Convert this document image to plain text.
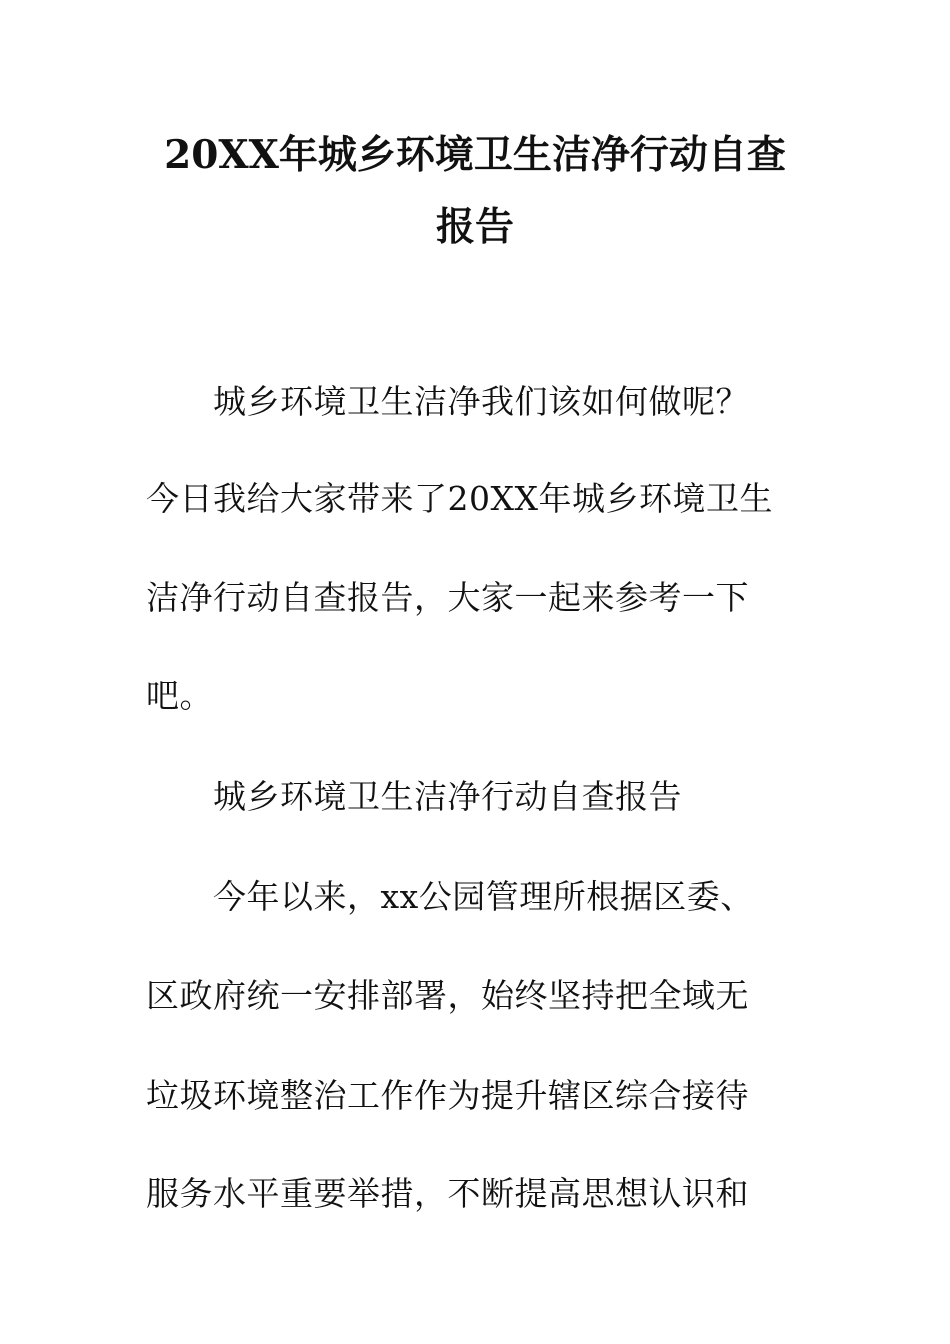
20XX年城乡环境卫生洁净行动自查
报告
城乡环境卫生洁净我们该如何做呢？
今日我给大家带来了20XX年城乡环境卫生
洁净行动自查报告，大家一起来参考一下
吧。
城乡环境卫生洁净行动自查报告
今年以来，xx公园管理所根据区委、
区政府统一安排部署，始终坚持把全域无
垃圾环境整治工作作为提升辖区综合接待
服务水平重要举措，不断提高思想认识和
